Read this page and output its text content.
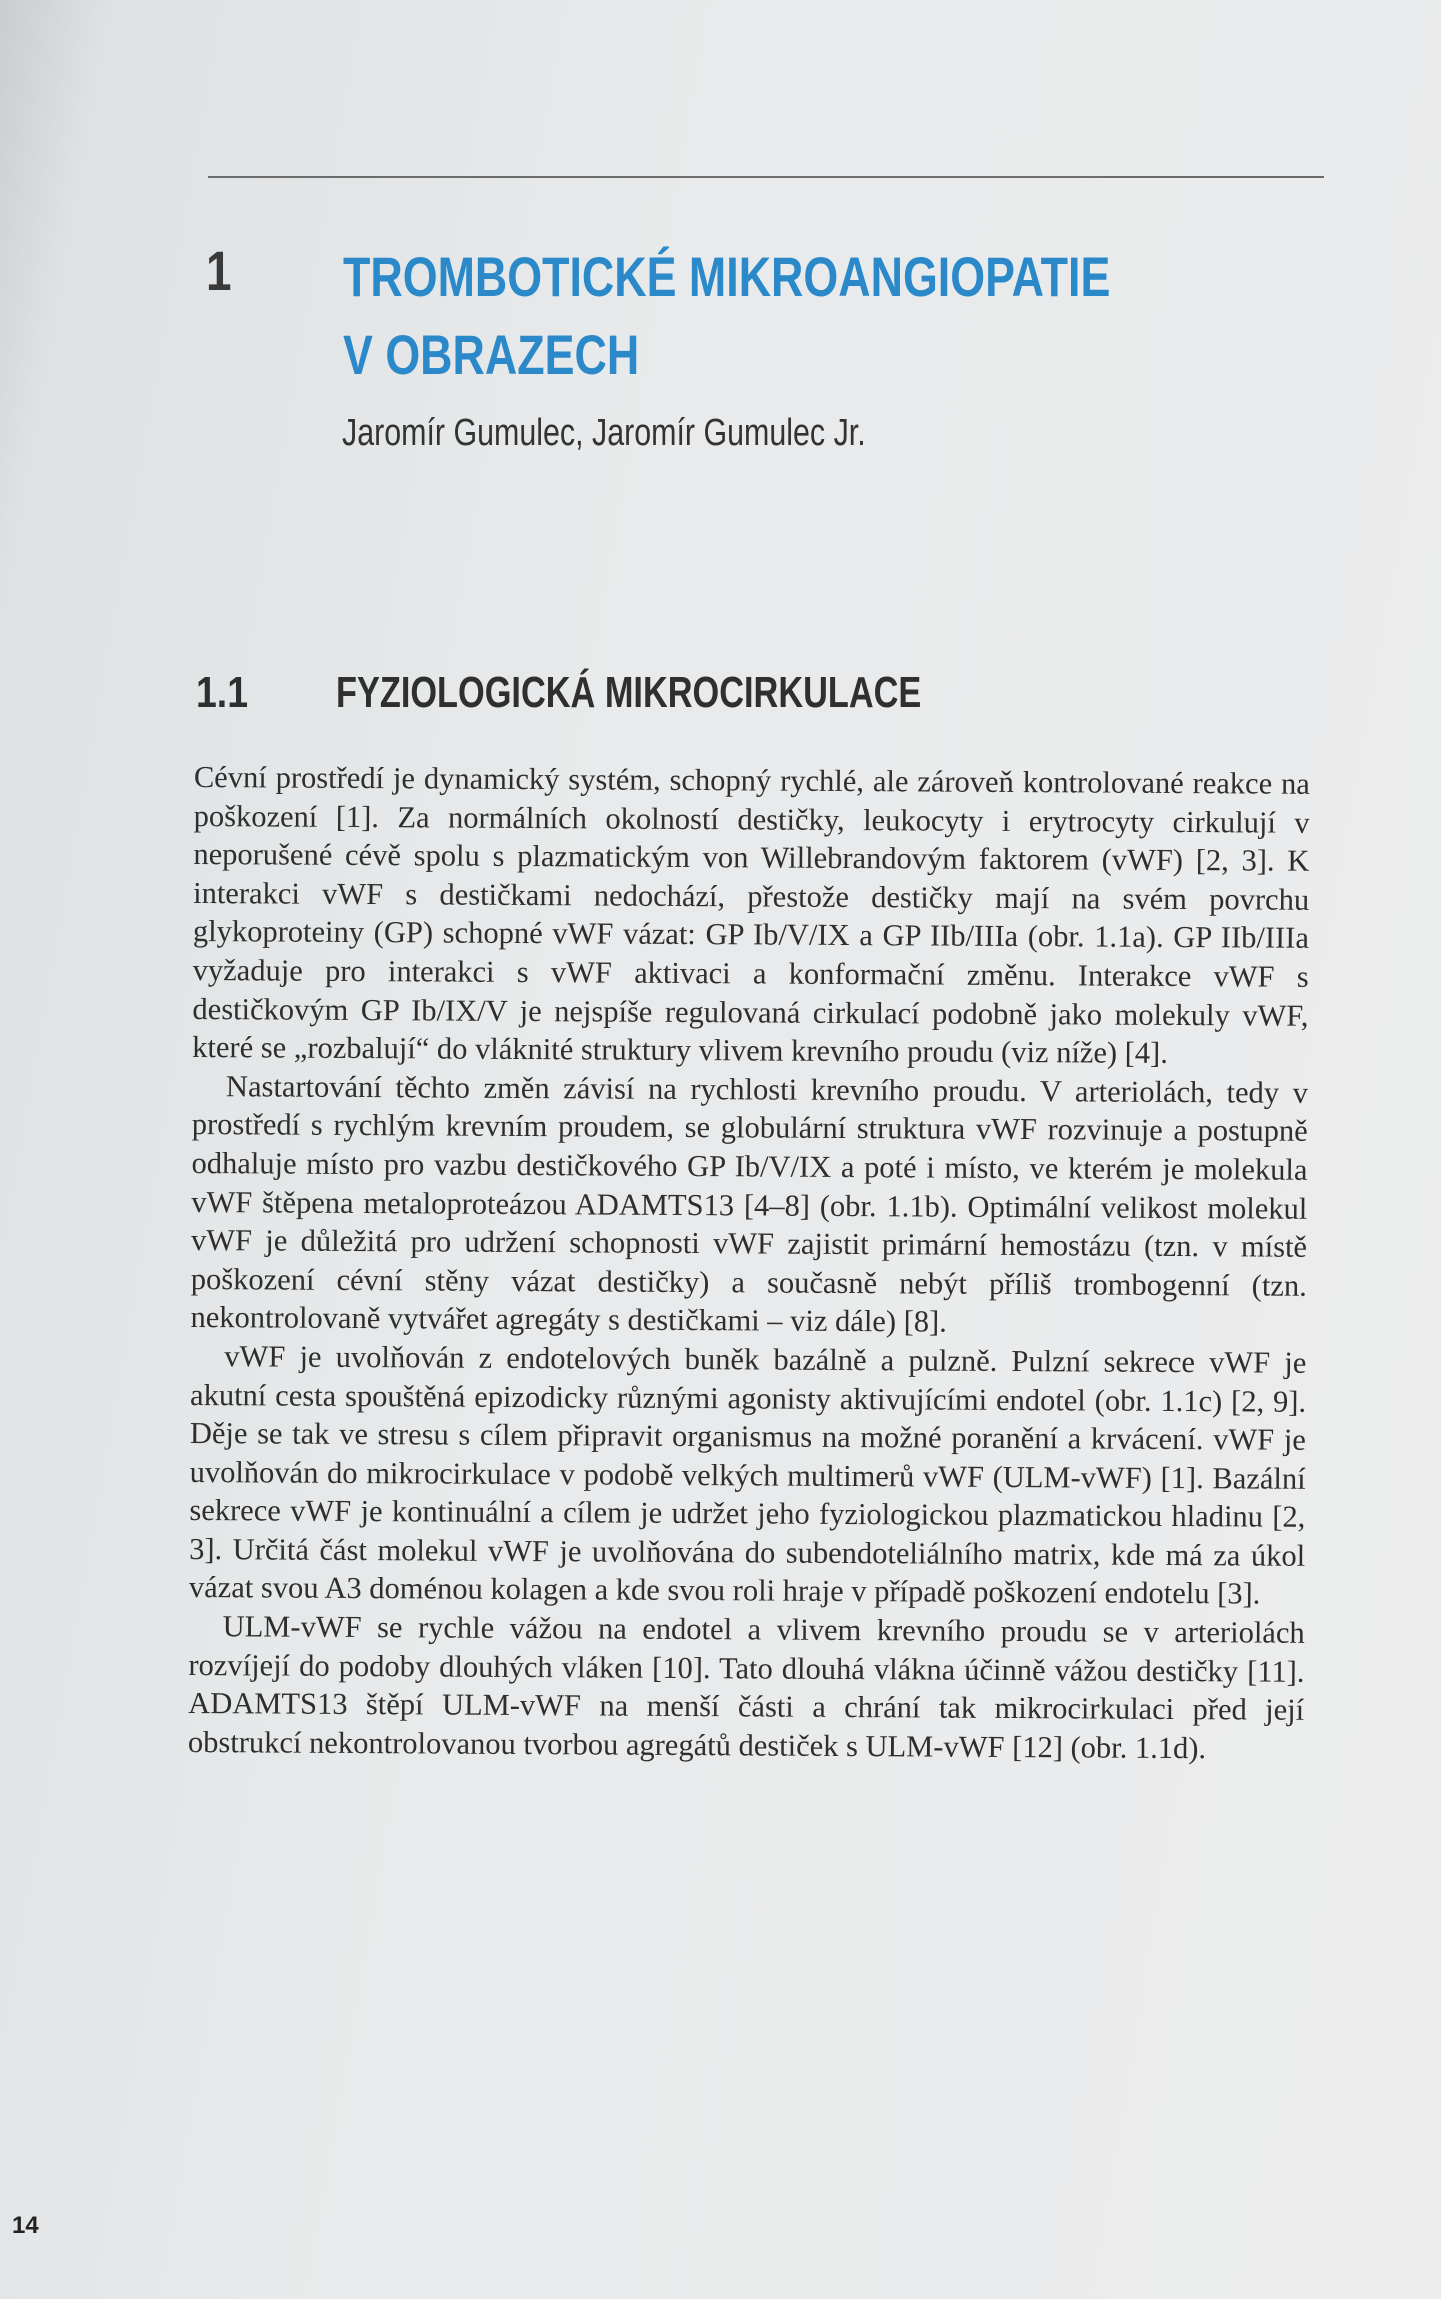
1 TROMBOTICKÉ MIKROANGIOPATIE
V OBRAZECH
Jaromír Gumulec, Jaromír Gumulec Jr.
1.1 FYZIOLOGICKÁ MIKROCIRKULACE

Cévní prostředí je dynamický systém, schopný rychlé, ale zároveň kontrolované reakce na poškození [1]. Za normálních okolností destičky, leukocyty i erytrocyty cirkulují v neporušené cévě spolu s plazmatickým von Willebrandovým faktorem (vWF) [2, 3]. K interakci vWF s destičkami nedochází, přestože destičky mají na svém povrchu glykoproteiny (GP) schopné vWF vázat: GP Ib/V/IX a GP IIb/IIIa (obr. 1.1a). GP IIb/IIIa vyžaduje pro interakci s vWF aktivaci a konformační změnu. Interakce vWF s destičkovým GP Ib/IX/V je nejspíše regulovaná cirkulací podobně jako molekuly vWF, které se „rozbalují“ do vláknité struktury vlivem krevního proudu (viz níže) [4].

Nastartování těchto změn závisí na rychlosti krevního proudu. V arteriolách, tedy v prostředí s rychlým krevním proudem, se globulární struktura vWF rozvinuje a postupně odhaluje místo pro vazbu destičkového GP Ib/V/IX a poté i místo, ve kterém je molekula vWF štěpena metaloproteázou ADAMTS13 [4–8] (obr. 1.1b). Optimální velikost molekul vWF je důležitá pro udržení schopnosti vWF zajistit primární hemostázu (tzn. v místě poškození cévní stěny vázat destičky) a současně nebýt příliš trombogenní (tzn. nekontrolovaně vytvářet agregáty s destičkami – viz dále) [8].

vWF je uvolňován z endotelových buněk bazálně a pulzně. Pulzní sekrece vWF je akutní cesta spouštěná epizodicky různými agonisty aktivujícími endotel (obr. 1.1c) [2, 9]. Děje se tak ve stresu s cílem připravit organismus na možné poranění a krvácení. vWF je uvolňován do mikrocirkulace v podobě velkých multimerů vWF (ULM-vWF) [1]. Bazální sekrece vWF je kontinuální a cílem je udržet jeho fyziologickou plazmatickou hladinu [2, 3]. Určitá část molekul vWF je uvolňována do subendoteliálního matrix, kde má za úkol vázat svou A3 doménou kolagen a kde svou roli hraje v případě poškození endotelu [3].

ULM-vWF se rychle vážou na endotel a vlivem krevního proudu se v arteriolách rozvíjejí do podoby dlouhých vláken [10]. Tato dlouhá vlákna účinně vážou destičky [11]. ADAMTS13 štěpí ULM-vWF na menší části a chrání tak mikrocirkulaci před její obstrukcí nekontrolovanou tvorbou agregátů destiček s ULM-vWF [12] (obr. 1.1d).

14
